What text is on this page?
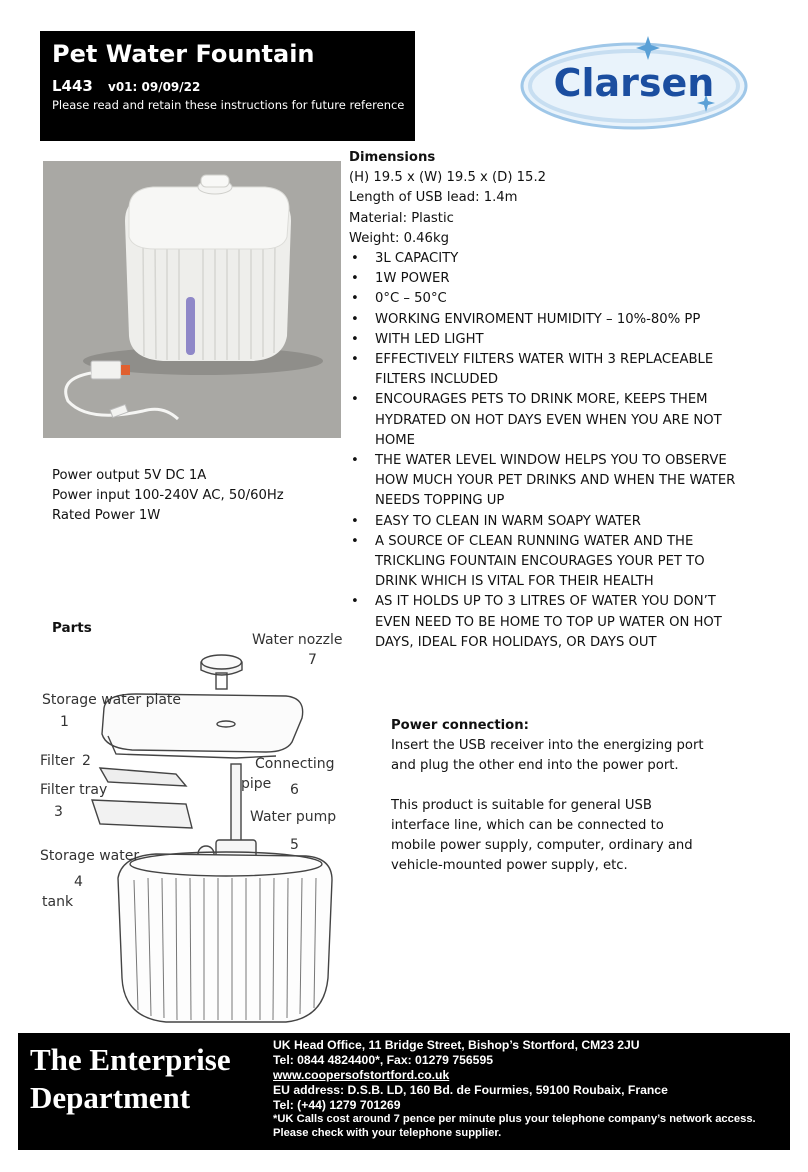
Pet Water Fountain
L443 v01: 09/09/22
Please read and retain these instructions for future reference	Clarsen
Dimensions
(H) 19.5 x (W) 19.5 x (D) 15.2
Length of USB lead: 1.4m
Material: Plastic
Weight: 0.46kg
• 3L CAPACITY
• 1W POWER
• 0°C – 50°C
• WORKING ENVIROMENT HUMIDITY – 10%-80% PP
• WITH LED LIGHT
• EFFECTIVELY FILTERS WATER WITH 3 REPLACEABLE
FILTERS INCLUDED
• ENCOURAGES PETS TO DRINK MORE, KEEPS THEM
HYDRATED ON HOT DAYS EVEN WHEN YOU ARE NOT
HOME
• THE WATER LEVEL WINDOW HELPS YOU TO OBSERVE
HOW MUCH YOUR PET DRINKS AND WHEN THE WATER
NEEDS TOPPING UP
• EASY TO CLEAN IN WARM SOAPY WATER
• A SOURCE OF CLEAN RUNNING WATER AND THE
TRICKLING FOUNTAIN ENCOURAGES YOUR PET TO
DRINK WHICH IS VITAL FOR THEIR HEALTH
• AS IT HOLDS UP TO 3 LITRES OF WATER YOU DON’T
EVEN NEED TO BE HOME TO TOP UP WATER ON HOT
DAYS, IDEAL FOR HOLIDAYS, OR DAYS OUT
Power output 5V DC 1A
Power input 100-240V AC, 50/60Hz
Rated Power 1W
Parts
Water nozzle
7
Storage water plate
1
Filter 2
Filter tray
3
Connecting
pipe 6
Water pump
5
Storage water
4
tank
Power connection:

Insert the USB receiver into the energizing port
and plug the other end into the power port.

This product is suitable for general USB
interface line, which can be connected to
mobile power supply, computer, ordinary and
vehicle-mounted power supply, etc.

The Enterprise
Department
UK Head Office, 11 Bridge Street, Bishop’s Stortford, CM23 2JU
Tel: 0844 4824400*, Fax: 01279 756595
www.coopersofstortford.co.uk
EU address: D.S.B. LD, 160 Bd. de Fourmies, 59100 Roubaix, France
Tel: (+44) 1279 701269
*UK Calls cost around 7 pence per minute plus your telephone company’s network access.
Please check with your telephone supplier.
